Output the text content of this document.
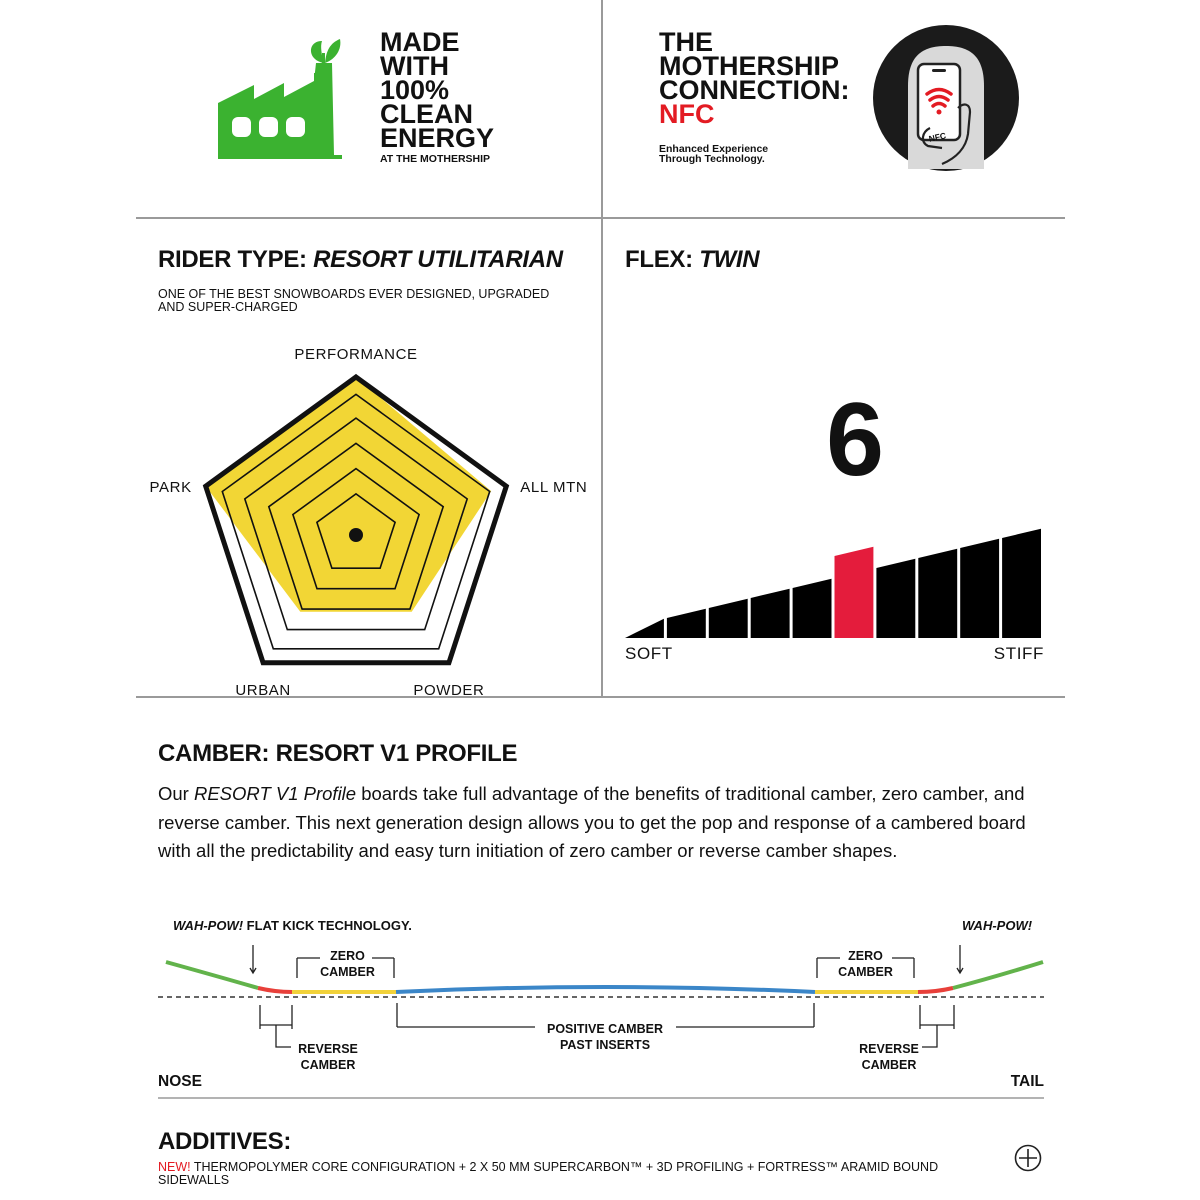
MADE
WITH
100%
CLEAN
ENERGY
AT THE MOTHERSHIP
THE
MOTHERSHIP
CONNECTION:
NFC
Enhanced Experience
Through Technology.
NFC
RIDER TYPE: RESORT UTILITARIAN
ONE OF THE BEST SNOWBOARDS EVER DESIGNED, UPGRADED AND SUPER-CHARGED
PERFORMANCE
ALL MTN
POWDER
URBAN
PARK
FLEX: TWIN
6
SOFT	STIFF
CAMBER: RESORT V1 PROFILE
Our RESORT V1 Profile boards take full advantage of the benefits of traditional camber, zero camber, and reverse camber. This next generation design allows you to get the pop and response of a cambered board with all the predictability and easy turn initiation of zero camber or reverse camber shapes.
WAH-POW! FLAT KICK TECHNOLOGY.	WAH-POW!
ZERO
CAMBER
ZERO
CAMBER
REVERSE
CAMBER
REVERSE
CAMBER
POSITIVE CAMBER
PAST INSERTS
NOSE	TAIL
ADDITIVES:
NEW! THERMOPOLYMER CORE CONFIGURATION + 2 X 50 MM SUPERCARBON™ + 3D PROFILING + FORTRESS™ ARAMID BOUND SIDEWALLS
